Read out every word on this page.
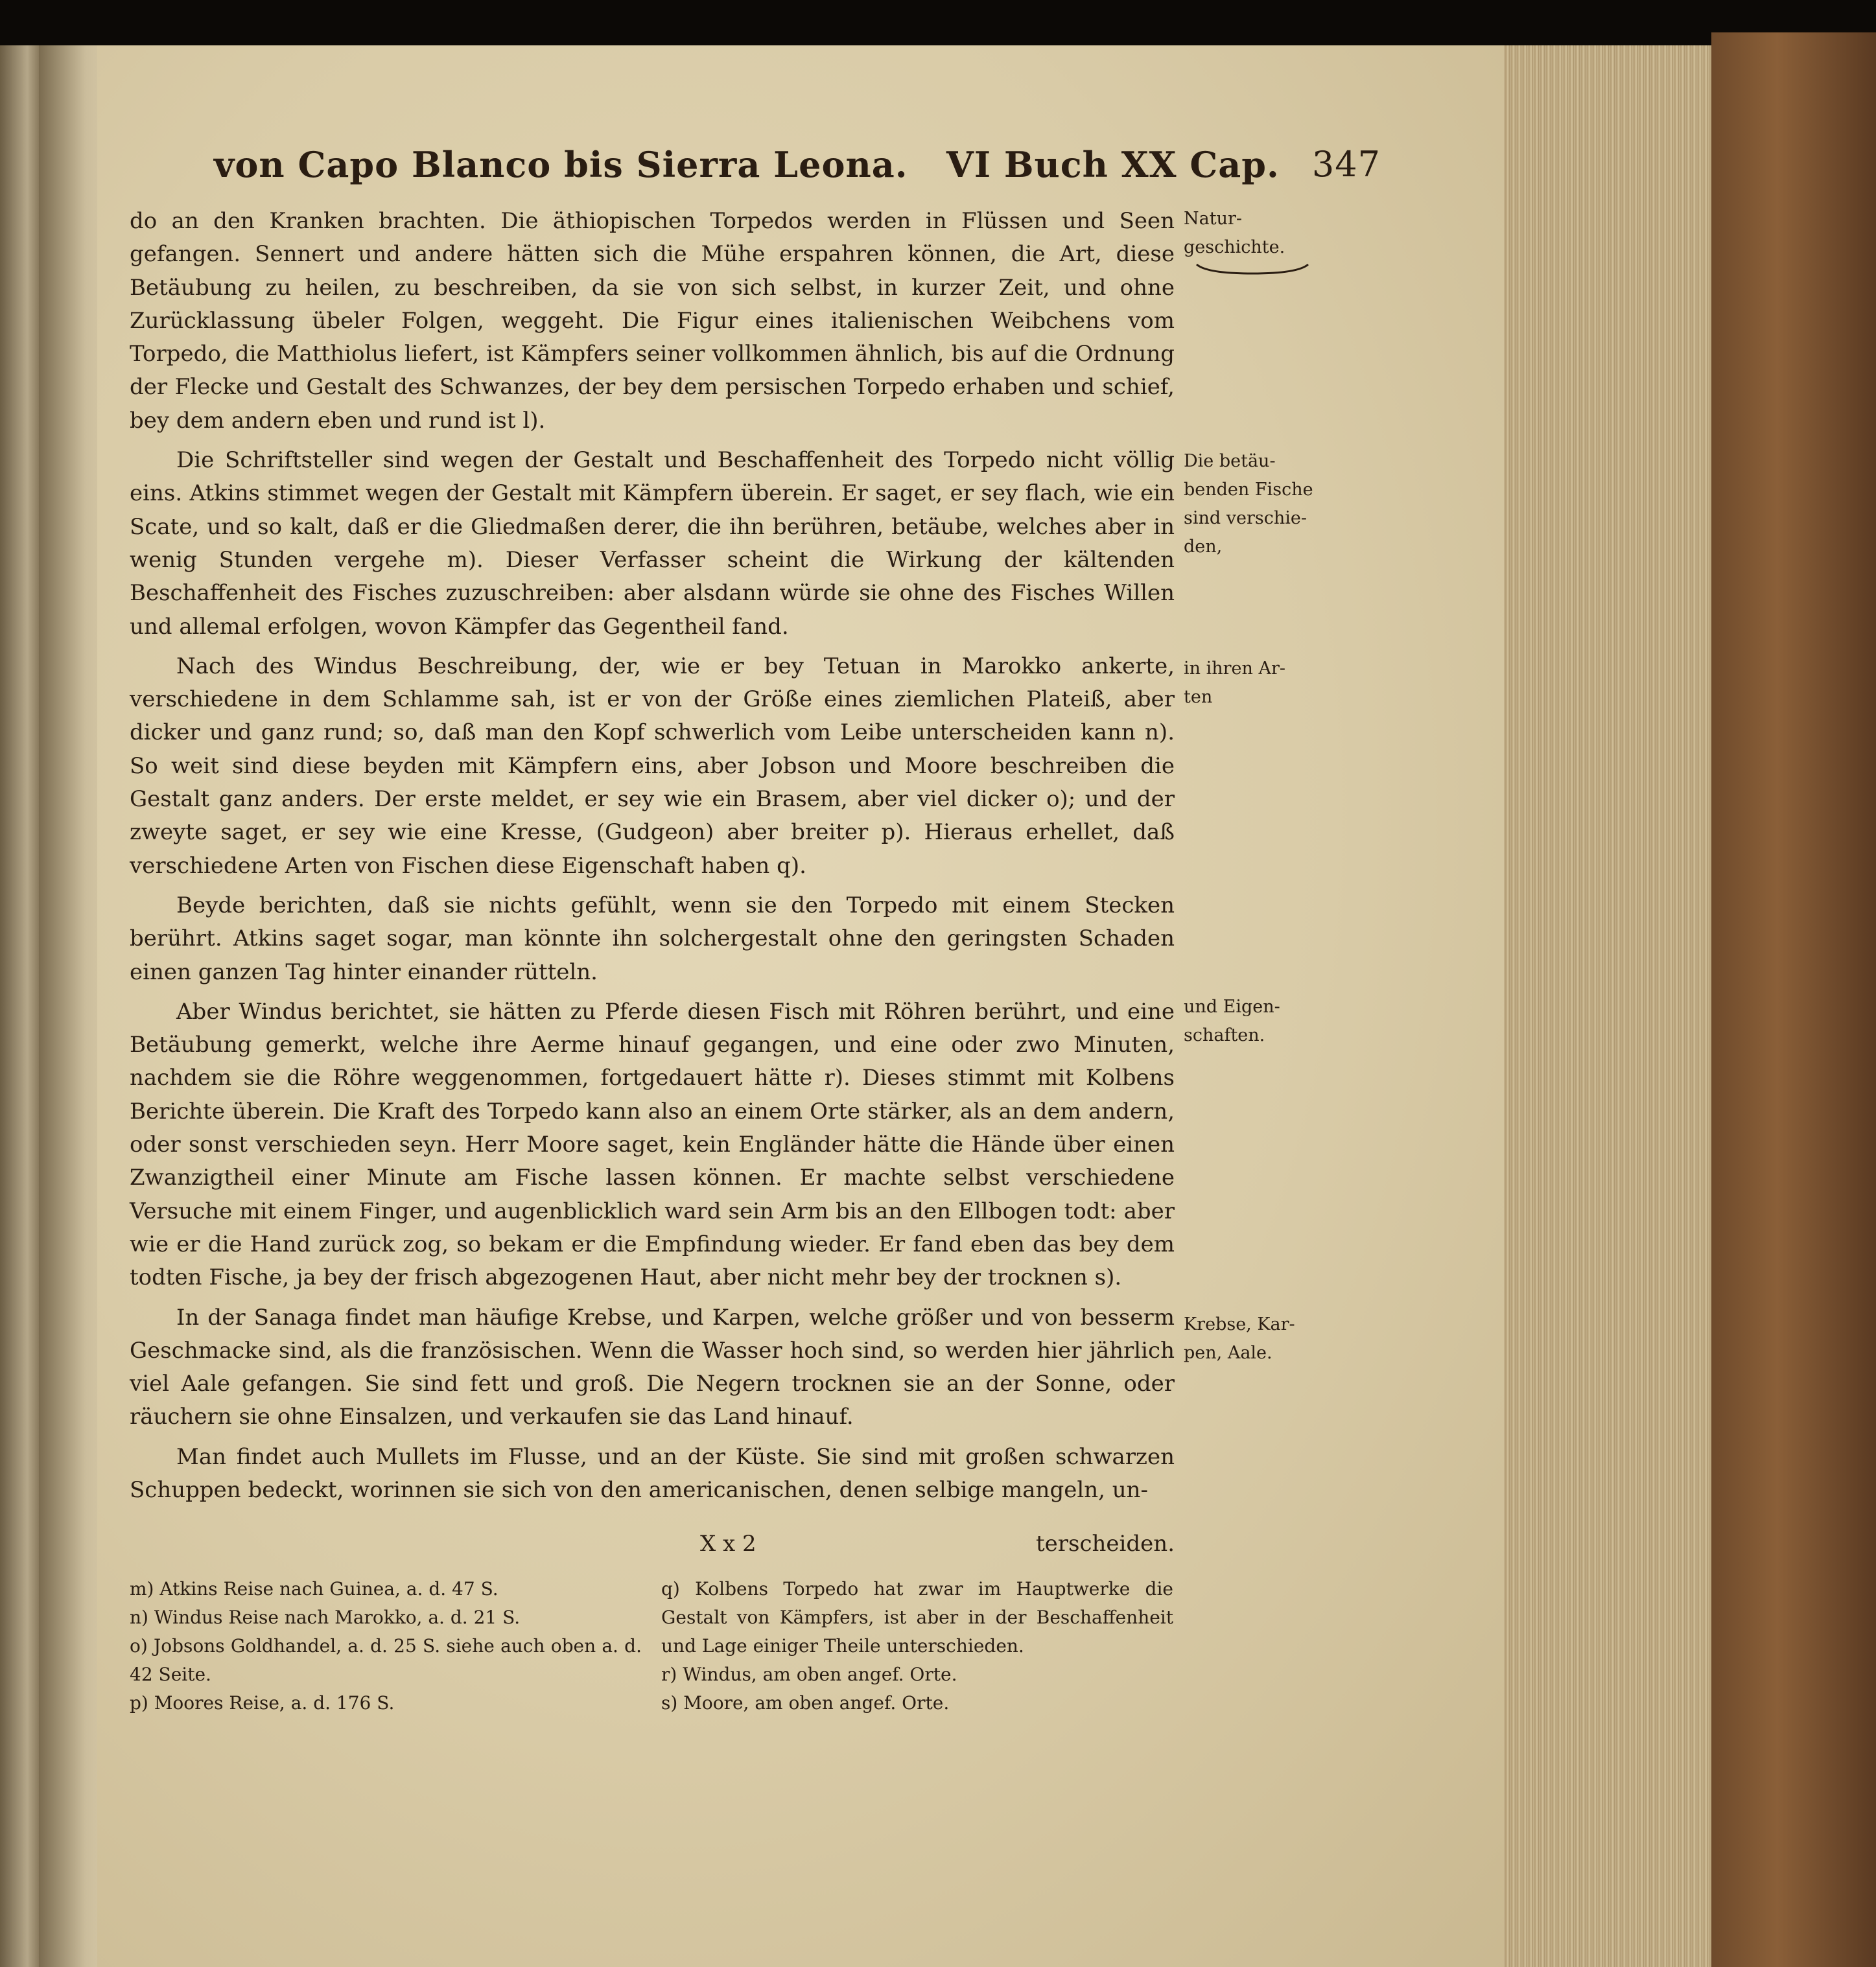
von Capo Blanco bis Sierra Leona.   VI Buch XX Cap. 347

do an den Kranken brachten. Die äthiopischen Torpedos werden in Flüssen und Seen gefangen. Sennert und andere hätten sich die Mühe erspahren können, die Art, diese Betäubung zu heilen, zu beschreiben, da sie von sich selbst, in kurzer Zeit, und ohne Zurücklassung übeler Folgen, weggeht. Die Figur eines italienischen Weibchens vom Torpedo, die Matthiolus liefert, ist Kämpfers seiner vollkommen ähnlich, bis auf die Ordnung der Flecke und Gestalt des Schwanzes, der bey dem persischen Torpedo erhaben und schief, bey dem andern eben und rund ist l).

Die Schriftsteller sind wegen der Gestalt und Beschaffenheit des Torpedo nicht völlig eins. Atkins stimmet wegen der Gestalt mit Kämpfern überein. Er saget, er sey flach, wie ein Scate, und so kalt, daß er die Gliedmaßen derer, die ihn berühren, betäube, welches aber in wenig Stunden vergehe m). Dieser Verfasser scheint die Wirkung der kältenden Beschaffenheit des Fisches zuzuschreiben: aber alsdann würde sie ohne des Fisches Willen und allemal erfolgen, wovon Kämpfer das Gegentheil fand.

Nach des Windus Beschreibung, der, wie er bey Tetuan in Marokko ankerte, verschiedene in dem Schlamme sah, ist er von der Größe eines ziemlichen Plateiß, aber dicker und ganz rund; so, daß man den Kopf schwerlich vom Leibe unterscheiden kann n). So weit sind diese beyden mit Kämpfern eins, aber Jobson und Moore beschreiben die Gestalt ganz anders. Der erste meldet, er sey wie ein Brasem, aber viel dicker o); und der zweyte saget, er sey wie eine Kresse, (Gudgeon) aber breiter p). Hieraus erhellet, daß verschiedene Arten von Fischen diese Eigenschaft haben q).

Beyde berichten, daß sie nichts gefühlt, wenn sie den Torpedo mit einem Stecken berührt. Atkins saget sogar, man könnte ihn solchergestalt ohne den geringsten Schaden einen ganzen Tag hinter einander rütteln.

Aber Windus berichtet, sie hätten zu Pferde diesen Fisch mit Röhren berührt, und eine Betäubung gemerkt, welche ihre Aerme hinauf gegangen, und eine oder zwo Minuten, nachdem sie die Röhre weggenommen, fortgedauert hätte r). Dieses stimmt mit Kolbens Berichte überein. Die Kraft des Torpedo kann also an einem Orte stärker, als an dem andern, oder sonst verschieden seyn. Herr Moore saget, kein Engländer hätte die Hände über einen Zwanzigtheil einer Minute am Fische lassen können. Er machte selbst verschiedene Versuche mit einem Finger, und augenblicklich ward sein Arm bis an den Ellbogen todt: aber wie er die Hand zurück zog, so bekam er die Empfindung wieder. Er fand eben das bey dem todten Fische, ja bey der frisch abgezogenen Haut, aber nicht mehr bey der trocknen s).

In der Sanaga findet man häufige Krebse, und Karpen, welche größer und von besserm Geschmacke sind, als die französischen. Wenn die Wasser hoch sind, so werden hier jährlich viel Aale gefangen. Sie sind fett und groß. Die Negern trocknen sie an der Sonne, oder räuchern sie ohne Einsalzen, und verkaufen sie das Land hinauf.

Man findet auch Mullets im Flusse, und an der Küste. Sie sind mit großen schwarzen Schuppen bedeckt, worinnen sie sich von den americanischen, denen selbige mangeln, un-

Natur-
geschichte.
Die betäu-
benden Fische
sind verschie-
den,
in ihren Ar-
ten
und Eigen-
schaften.
Krebse, Kar-
pen, Aale.
X x 2	terscheiden.

m) Atkins Reise nach Guinea, a. d. 47 S.

n) Windus Reise nach Marokko, a. d. 21 S.

o) Jobsons Goldhandel, a. d. 25 S. siehe auch oben a. d. 42 Seite.

p) Moores Reise, a. d. 176 S.

q) Kolbens Torpedo hat zwar im Hauptwerke die Gestalt von Kämpfers, ist aber in der Beschaffenheit und Lage einiger Theile unterschieden.

r) Windus, am oben angef. Orte.

s) Moore, am oben angef. Orte.
